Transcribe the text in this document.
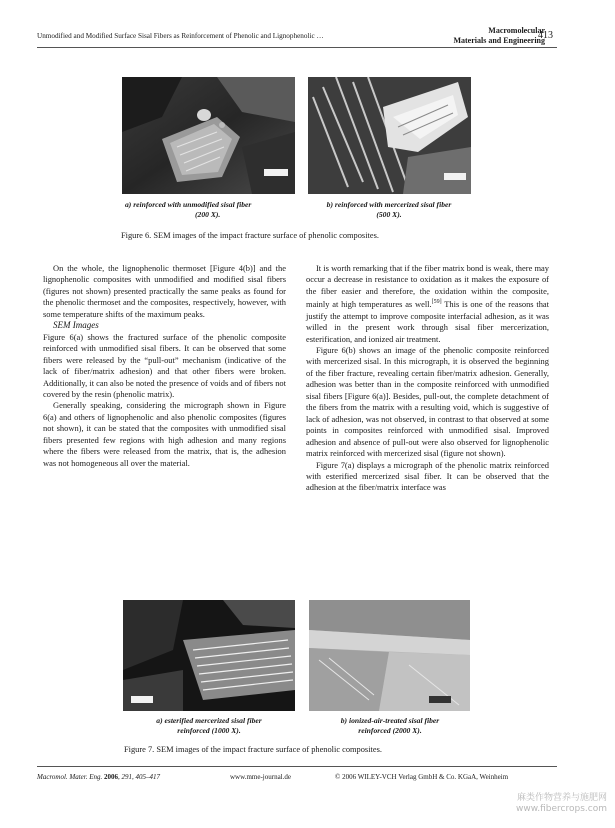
Unmodified and Modified Surface Sisal Fibers as Reinforcement of Phenolic and Lignophenolic …
Macromolecular
Materials and Engineering
413
a) reinforced with unmodified sisal fiber
(200 X).
b) reinforced with mercerized sisal fiber
(500 X).
Figure 6. SEM images of the impact fracture surface of phenolic composites.

On the whole, the lignophenolic thermoset [Figure 4(b)] and the lignophenolic composites with unmodified and modified sisal fibers (figures not shown) presented practically the same peaks as found for the phenolic thermoset and the composites, respectively, however, with some temperature shifts of the maximum peaks.

SEM Images

Figure 6(a) shows the fractured surface of the phenolic composite reinforced with unmodified sisal fibers. It can be observed that some fibers were released by the “pull-out” mechanism (indicative of the lack of fiber/matrix adhesion) and that other fibers were broken. Additionally, it can also be noted the presence of voids and of fibers not covered by the resin (phenolic matrix).

Generally speaking, considering the micrograph shown in Figure 6(a) and others of lignophenolic and also phenolic composites (figures not shown), it can be stated that the composites with unmodified sisal fibers presented few regions with high adhesion and many regions where the fibers were released from the matrix, that is, the adhesion was not homogeneous all over the material.

It is worth remarking that if the fiber matrix bond is weak, there may occur a decrease in resistance to oxidation as it makes the exposure of the fiber easier and therefore, the oxidation within the composite, mainly at high temperatures as well.[59] This is one of the reasons that justify the attempt to improve composite interfacial adhesion, as it was willed in the present work through sisal fiber mercerization, esterification, and ionized air treatment.

Figure 6(b) shows an image of the phenolic composite reinforced with mercerized sisal. In this micrograph, it is observed the beginning of the fiber fracture, revealing certain fiber/matrix adhesion. Generally, adhesion was better than in the composite reinforced with unmodified sisal fibers [Figure 6(a)]. Besides, pull-out, the complete detachment of the fibers from the matrix with a resulting void, which is suggestive of lack of adhesion, was not observed, in contrast to that observed at some points in composites reinforced with unmodified sisal. Improved adhesion and absence of pull-out were also observed for lignophenolic matrix reinforced with mercerized sisal (figure not shown).

Figure 7(a) displays a micrograph of the phenolic matrix reinforced with esterified mercerized sisal fiber. It can be observed that the adhesion at the fiber/matrix interface was

a) esterified mercerized sisal fiber
reinforced (1000 X).
b) ionized-air-treated sisal fiber
reinforced (2000 X).
Figure 7. SEM images of the impact fracture surface of phenolic composites.
Macromol. Mater. Eng. 2006, 291, 405–417	www.mme-journal.de	© 2006 WILEY-VCH Verlag GmbH & Co. KGaA, Weinheim
麻类作物营养与施肥网
www.fibercrops.com
